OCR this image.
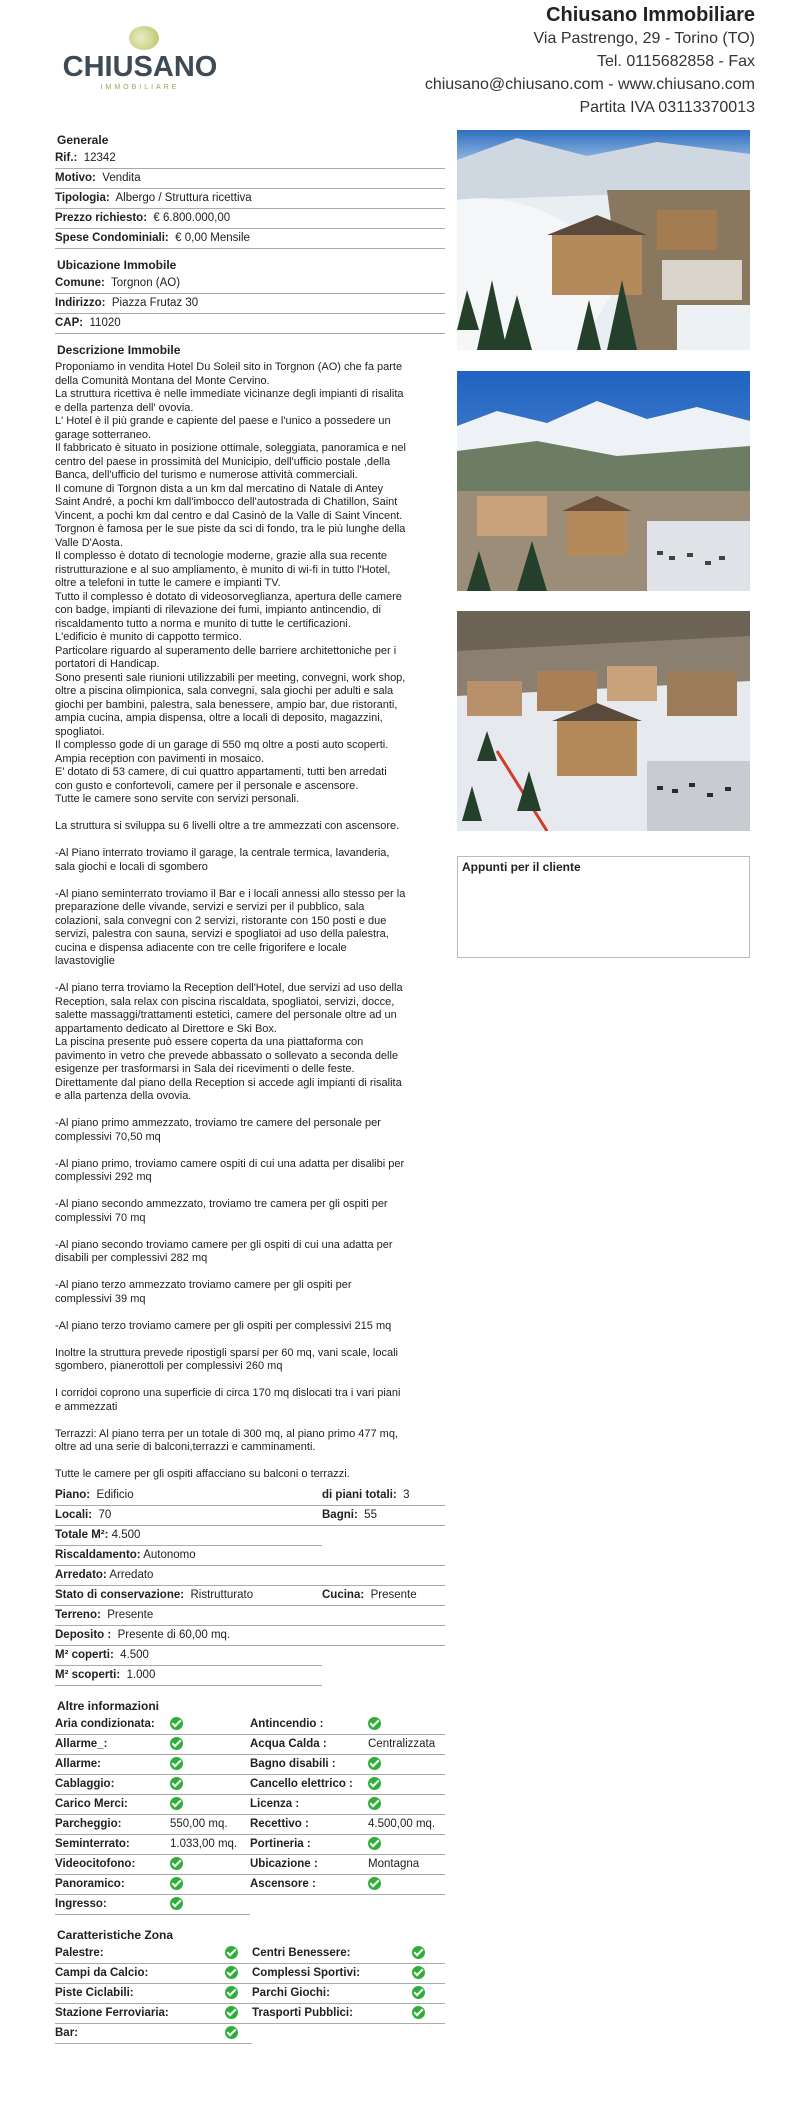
CHIUSANO
IMMOBILIARE
Chiusano Immobiliare
Via Pastrengo, 29 - Torino (TO)
Tel. 0115682858 - Fax
chiusano@chiusano.com - www.chiusano.com
Partita IVA 03113370013
Generale
Rif.: 12342
Motivo: Vendita
Tipologia: Albergo / Struttura ricettiva
Prezzo richiesto: € 6.800.000,00
Spese Condominiali: € 0,00 Mensile
Ubicazione Immobile
Comune: Torgnon (AO)
Indirizzo: Piazza Frutaz 30
CAP: 11020
Descrizione Immobile
Proponiamo in vendita Hotel Du Soleil sito in Torgnon (AO) che fa parte
della Comunità Montana del Monte Cervino.
La struttura ricettiva è nelle immediate vicinanze degli impianti di risalita
e della partenza dell' ovovia.
L' Hotel è il più grande e capiente del paese e l'unico a possedere un
garage sotterraneo.
Il fabbricato è situato in posizione ottimale, soleggiata, panoramica e nel
centro del paese in prossimità del Municipio, dell'ufficio postale ,della
Banca, dell'ufficio del turismo e numerose attività commerciali.
Il comune di Torgnon dista a un km dal mercatino di Natale di Antey
Saint André, a pochi km dall'imbocco dell'autostrada di Chatillon, Saint
Vincent, a pochi km dal centro e dal Casinò de la Valle di Saint Vincent.
Torgnon è famosa per le sue piste da sci di fondo, tra le più lunghe della
Valle D'Aosta.
Il complesso è dotato di tecnologie moderne, grazie alla sua recente
ristrutturazione e al suo ampliamento, è munito di wi-fi in tutto l'Hotel,
oltre a telefoni in tutte le camere e impianti TV.
Tutto il complesso è dotato di videosorveglianza, apertura delle camere
con badge, impianti di rilevazione dei fumi, impianto antincendio, di
riscaldamento tutto a norma e munito di tutte le certificazioni.
L'edificio è munito di cappotto termico.
Particolare riguardo al superamento delle barriere architettoniche per i
portatori di Handicap.
Sono presenti sale riunioni utilizzabili per meeting, convegni, work shop,
oltre a piscina olimpionica, sala convegni, sala giochi per adulti e sala
giochi per bambini, palestra, sala benessere, ampio bar, due ristoranti,
ampia cucina, ampia dispensa, oltre a locali di deposito, magazzini,
spogliatoi.
Il complesso gode di un garage di 550 mq oltre a posti auto scoperti.
Ampia reception con pavimenti in mosaico.
E' dotato di 53 camere, di cui quattro appartamenti, tutti ben arredati
con gusto e confortevoli, camere per il personale e ascensore.
Tutte le camere sono servite con servizi personali.

La struttura si sviluppa su 6 livelli oltre a tre ammezzati con ascensore.

-Al Piano interrato troviamo il garage, la centrale termica, lavanderia,
sala giochi e locali di sgombero

-Al piano seminterrato troviamo il Bar e i locali annessi allo stesso per la
preparazione delle vivande, servizi e servizi per il pubblico, sala
colazioni, sala convegni con 2 servizi, ristorante con 150 posti e due
servizi, palestra con sauna, servizi e spogliatoi ad uso della palestra,
cucina e dispensa adiacente con tre celle frigorifere e locale
lavastoviglie

-Al piano terra troviamo la Reception dell'Hotel, due servizi ad uso della
Reception, sala relax con piscina riscaldata, spogliatoi, servizi, docce,
salette massaggi/trattamenti estetici, camere del personale oltre ad un
appartamento dedicato al Direttore e Ski Box.
La piscina presente può essere coperta da una piattaforma con
pavimento in vetro che prevede abbassato o sollevato a seconda delle
esigenze per trasformarsi in Sala dei ricevimenti o delle feste.
Direttamente dal piano della Reception si accede agli impianti di risalita
e alla partenza della ovovia.

-Al piano primo ammezzato, troviamo tre camere del personale per
complessivi 70,50 mq

-Al piano primo, troviamo camere ospiti di cui una adatta per disalibi per
complessivi 292 mq

-Al piano secondo ammezzato, troviamo tre camera per gli ospiti per
complessivi 70 mq

-Al piano secondo troviamo camere per gli ospiti di cui una adatta per
disabili per complessivi 282 mq

-Al piano terzo ammezzato troviamo camere per gli ospiti per
complessivi 39 mq

-Al piano terzo troviamo camere per gli ospiti per complessivi 215 mq

Inoltre la struttura prevede ripostigli sparsi per 60 mq, vani scale, locali
sgombero, pianerottoli per complessivi 260 mq

I corridoi coprono una superficie di circa 170 mq dislocati tra i vari piani
e ammezzati

Terrazzi: Al piano terra per un totale di 300 mq, al piano primo 477 mq,
oltre ad una serie di balconi,terrazzi e camminamenti.

Tutte le camere per gli ospiti affacciano su balconi o terrazzi.
Piano: Edificio	di piani totali: 3
Locali: 70	Bagni: 55
Totale M²: 4.500
Riscaldamento: Autonomo
Arredato: Arredato
Stato di conservazione: Ristrutturato	Cucina: Presente
Terreno: Presente
Deposito : Presente di 60,00 mq.
M² coperti: 4.500
M² scoperti: 1.000
Altre informazioni
Aria condizionata:	Antincendio :
Allarme_:	Acqua Calda :	Centralizzata
Allarme:	Bagno disabili :
Cablaggio:	Cancello elettrico :
Carico Merci:	Licenza :
Parcheggio:	550,00 mq.	Recettivo :	4.500,00 mq.
Seminterrato:	1.033,00 mq.	Portineria :
Videocitofono:	Ubicazione :	Montagna
Panoramico:	Ascensore :
Ingresso:
Caratteristiche Zona
Palestre:	Centri Benessere:
Campi da Calcio:	Complessi Sportivi:
Piste Ciclabili:	Parchi Giochi:
Stazione Ferroviaria:	Trasporti Pubblici:
Bar:
Appunti per il cliente
